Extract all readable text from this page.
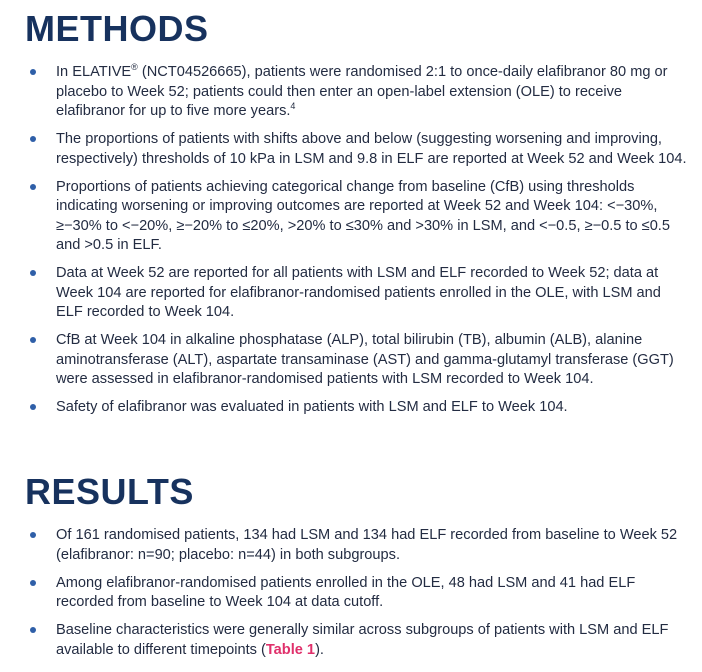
METHODS
In ELATIVE® (NCT04526665), patients were randomised 2:1 to once-daily elafibranor 80 mg or placebo to Week 52; patients could then enter an open-label extension (OLE) to receive elafibranor for up to five more years.$^4$
The proportions of patients with shifts above and below (suggesting worsening and improving, respectively) thresholds of 10 kPa in LSM and 9.8 in ELF are reported at Week 52 and Week 104.
Proportions of patients achieving categorical change from baseline (CfB) using thresholds indicating worsening or improving outcomes are reported at Week 52 and Week 104: <−30%, ≥−30% to <−20%, ≥−20% to ≤20%, >20% to ≤30% and >30% in LSM, and <−0.5, ≥−0.5 to ≤0.5 and >0.5 in ELF.
Data at Week 52 are reported for all patients with LSM and ELF recorded to Week 52; data at Week 104 are reported for elafibranor-randomised patients enrolled in the OLE, with LSM and ELF recorded to Week 104.
CfB at Week 104 in alkaline phosphatase (ALP), total bilirubin (TB), albumin (ALB), alanine aminotransferase (ALT), aspartate transaminase (AST) and gamma-glutamyl transferase (GGT) were assessed in elafibranor-randomised patients with LSM recorded to Week 104.
Safety of elafibranor was evaluated in patients with LSM and ELF to Week 104.
RESULTS
Of 161 randomised patients, 134 had LSM and 134 had ELF recorded from baseline to Week 52 (elafibranor: n=90; placebo: n=44) in both subgroups.
Among elafibranor-randomised patients enrolled in the OLE, 48 had LSM and 41 had ELF recorded from baseline to Week 104 at data cutoff.
Baseline characteristics were generally similar across subgroups of patients with LSM and ELF available to different timepoints (Table 1).
